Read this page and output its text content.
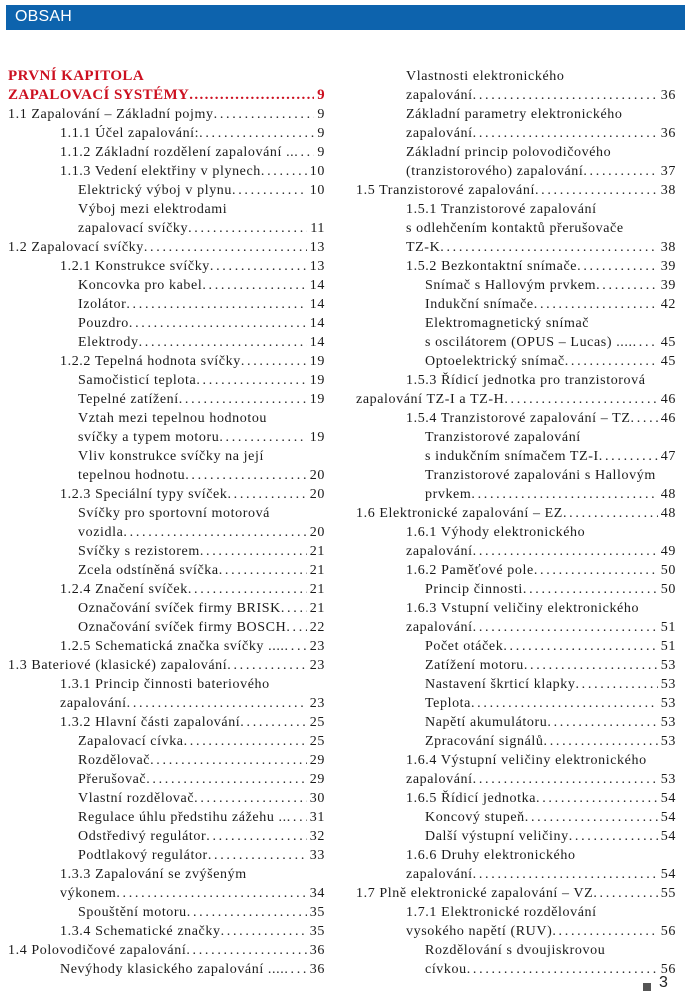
OBSAH
PRVNÍ KAPITOLA
ZAPALOVACÍ SYSTÉMY . . .	9
1.1 Zapalování – Základní pojmy . . .	9
1.1.1 Účel zapalování: . . .	9
1.1.2 Základní rozdělení zapalování .. . . . 9
1.1.3 Vedení elektřiny v plynech . . .	10
Elektrický výboj v plynu . . .	10
Výboj mezi elektrodami
zapalovací svíčky . . .	11
1.2 Zapalovací svíčky . . .	13
1.2.1 Konstrukce svíčky . . .	13
Koncovka pro kabel . . .	14
Izolátor . . .	14
Pouzdro . . .	14
Elektrody . . .	14
1.2.2 Tepelná hodnota svíčky . . .	19
Samočisticí teplota . . .	19
Tepelné zatížení . . .	19
Vztah mezi tepelnou hodnotou
svíčky a typem motoru . . .	19
Vliv konstrukce svíčky na její
tepelnou hodnotu . . .	20
1.2.3 Speciální typy svíček . . .	20
Svíčky pro sportovní motorová
vozidla . . .	20
Svíčky s rezistorem . . .	21
Zcela odstíněná svíčka . . .	21
1.2.4 Značení svíček . . .	21
Označování svíček firmy BRISK . . . 21
Označování svíček firmy BOSCH . . . 22
1.2.5 Schematická značka svíčky .... . . . 23
1.3 Bateriové (klasické) zapalování . . .	23
1.3.1 Princip činnosti bateriového
zapalování . . .	23
1.3.2 Hlavní části zapalování . . .	25
Zapalovací cívka . . .	25
Rozdělovač . . .	29
Přerušovač . . .	29
Vlastní rozdělovač . . .	30
Regulace úhlu předstihu zážehu .. . . . 31
Odstředivý regulátor . . .	32
Podtlakový regulátor . . .	33
1.3.3 Zapalování se zvýšeným
výkonem . . .	34
Spouštění motoru . . .	35
1.3.4 Schematické značky . . .	35
1.4 Polovodičové zapalování . . .	36
Nevýhody klasického zapalování .... . . . 36
Vlastnosti elektronického
zapalování . . .	36
Základní parametry elektronického
zapalování . . .	36
Základní princip polovodičového
(tranzistorového) zapalování . . .	37
1.5 Tranzistorové zapalování . . .	38
1.5.1 Tranzistorové zapalování
s odlehčením kontaktů přerušovače
TZ-K . . .	38
1.5.2 Bezkontaktní snímače . . .	39
Snímač s Hallovým prvkem . . .	39
Indukční snímače . . .	42
Elektromagnetický snímač
s oscilátorem (OPUS – Lucas) .... . . . 45
Optoelektrický snímač . . .	45
1.5.3 Řídicí jednotka pro tranzistorová
zapalování TZ-I a TZ-H . . .	46
1.5.4 Tranzistorové zapalování – TZ . . . 46
Tranzistorové zapalování
s indukčním snímačem TZ-I . . .	47
Tranzistorové zapalováni s Hallovým
prvkem . . .	48
1.6 Elektronické zapalování – EZ . . .	48
1.6.1 Výhody elektronického
zapalování . . .	49
1.6.2 Paměťové pole . . .	50
Princip činnosti . . .	50
1.6.3 Vstupní veličiny elektronického
zapalování . . .	51
Počet otáček . . .	51
Zatížení motoru . . .	53
Nastavení škrticí klapky . . .	53
Teplota . . .	53
Napětí akumulátoru . . .	53
Zpracování signálů . . .	53
1.6.4 Výstupní veličiny elektronického
zapalování . . .	53
1.6.5 Řídicí jednotka . . .	54
Koncový stupeň . . .	54
Další výstupní veličiny . . .	54
1.6.6 Druhy elektronického
zapalování . . .	54
1.7 Plně elektronické zapalování – VZ . . .	55
1.7.1 Elektronické rozdělování
vysokého napětí (RUV) . . .	56
Rozdělování s dvoujiskrovou
cívkou . . .	56
3
